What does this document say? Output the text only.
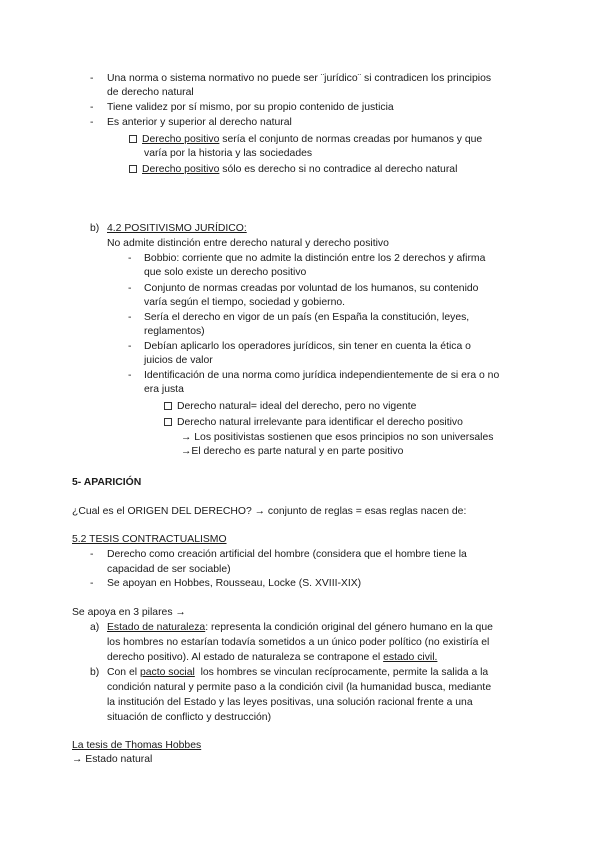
- Una norma o sistema normativo no puede ser ¨jurídico¨ si contradicen los principios
de derecho natural
- Tiene validez por sí mismo, por su propio contenido de justicia
- Es anterior y superior al derecho natural
Derecho positivo sería el conjunto de normas creadas por humanos y que
varía por la historia y las sociedades
Derecho positivo sólo es derecho si no contradice al derecho natural
b) 4.2 POSITIVISMO JURÍDICO:
No admite distinción entre derecho natural y derecho positivo
- Bobbio: corriente que no admite la distinción entre los 2 derechos y afirma
que solo existe un derecho positivo
- Conjunto de normas creadas por voluntad de los humanos, su contenido
varía según el tiempo, sociedad y gobierno.
- Sería el derecho en vigor de un país (en España la constitución, leyes,
reglamentos)
- Debían aplicarlo los operadores jurídicos, sin tener en cuenta la ética o
juicios de valor
- Identificación de una norma como jurídica independientemente de si era o no
era justa
Derecho natural= ideal del derecho, pero no vigente
Derecho natural irrelevante para identificar el derecho positivo
→ Los positivistas sostienen que esos principios no son universales
→El derecho es parte natural y en parte positivo
5- APARICIÓN
¿Cual es el ORIGEN DEL DERECHO? → conjunto de reglas = esas reglas nacen de:
5.2 TESIS CONTRACTUALISMO
- Derecho como creación artificial del hombre (considera que el hombre tiene la
capacidad de ser sociable)
- Se apoyan en Hobbes, Rousseau, Locke (S. XVIII-XIX)
Se apoya en 3 pilares →
a) Estado de naturaleza: representa la condición original del género humano en la que
los hombres no estarían todavía sometidos a un único poder político (no existiría el
derecho positivo). Al estado de naturaleza se contrapone el estado civil.
b) Con el pacto social  los hombres se vinculan recíprocamente, permite la salida a la
condición natural y permite paso a la condición civil (la humanidad busca, mediante
la institución del Estado y las leyes positivas, una solución racional frente a una
situación de conflicto y destrucción)
La tesis de Thomas Hobbes
→ Estado natural
